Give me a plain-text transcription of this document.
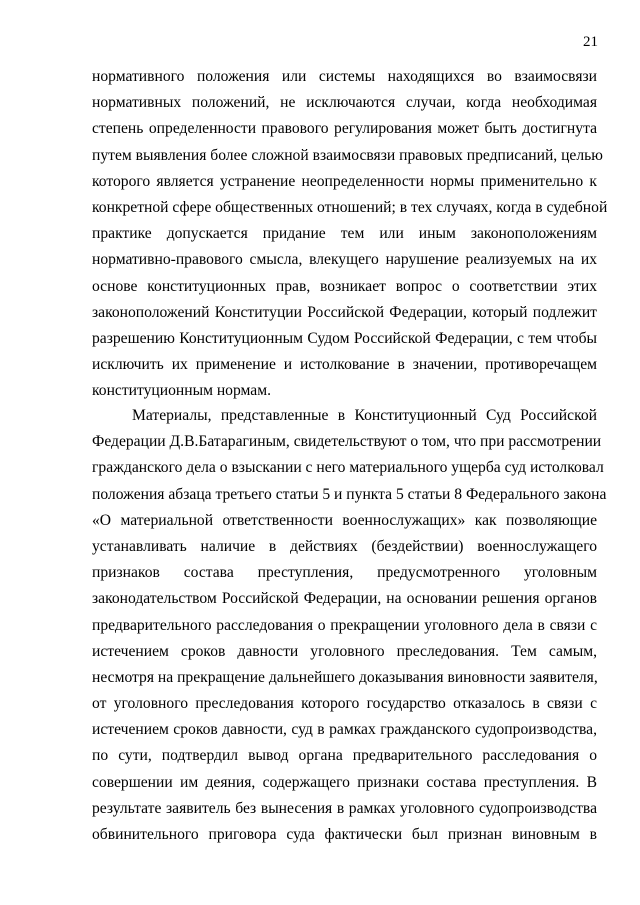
21
нормативного положения или системы находящихся во взаимосвязи
нормативных положений, не исключаются случаи, когда необходимая
степень определенности правового регулирования может быть достигнута
путем выявления более сложной взаимосвязи правовых предписаний, целью
которого является устранение неопределенности нормы применительно к
конкретной сфере общественных отношений; в тех случаях, когда в судебной
практике допускается придание тем или иным законоположениям
нормативно-правового смысла, влекущего нарушение реализуемых на их
основе конституционных прав, возникает вопрос о соответствии этих
законоположений Конституции Российской Федерации, который подлежит
разрешению Конституционным Судом Российской Федерации, с тем чтобы
исключить их применение и истолкование в значении, противоречащем
конституционным нормам.
Материалы, представленные в Конституционный Суд Российской
Федерации Д.В.Батарагиным, свидетельствуют о том, что при рассмотрении
гражданского дела о взыскании с него материального ущерба суд истолковал
положения абзаца третьего статьи 5 и пункта 5 статьи 8 Федерального закона
«О материальной ответственности военнослужащих» как позволяющие
устанавливать наличие в действиях (бездействии) военнослужащего
признаков состава преступления, предусмотренного уголовным
законодательством Российской Федерации, на основании решения органов
предварительного расследования о прекращении уголовного дела в связи с
истечением сроков давности уголовного преследования. Тем самым,
несмотря на прекращение дальнейшего доказывания виновности заявителя,
от уголовного преследования которого государство отказалось в связи с
истечением сроков давности, суд в рамках гражданского судопроизводства,
по сути, подтвердил вывод органа предварительного расследования о
совершении им деяния, содержащего признаки состава преступления. В
результате заявитель без вынесения в рамках уголовного судопроизводства
обвинительного приговора суда фактически был признан виновным в
